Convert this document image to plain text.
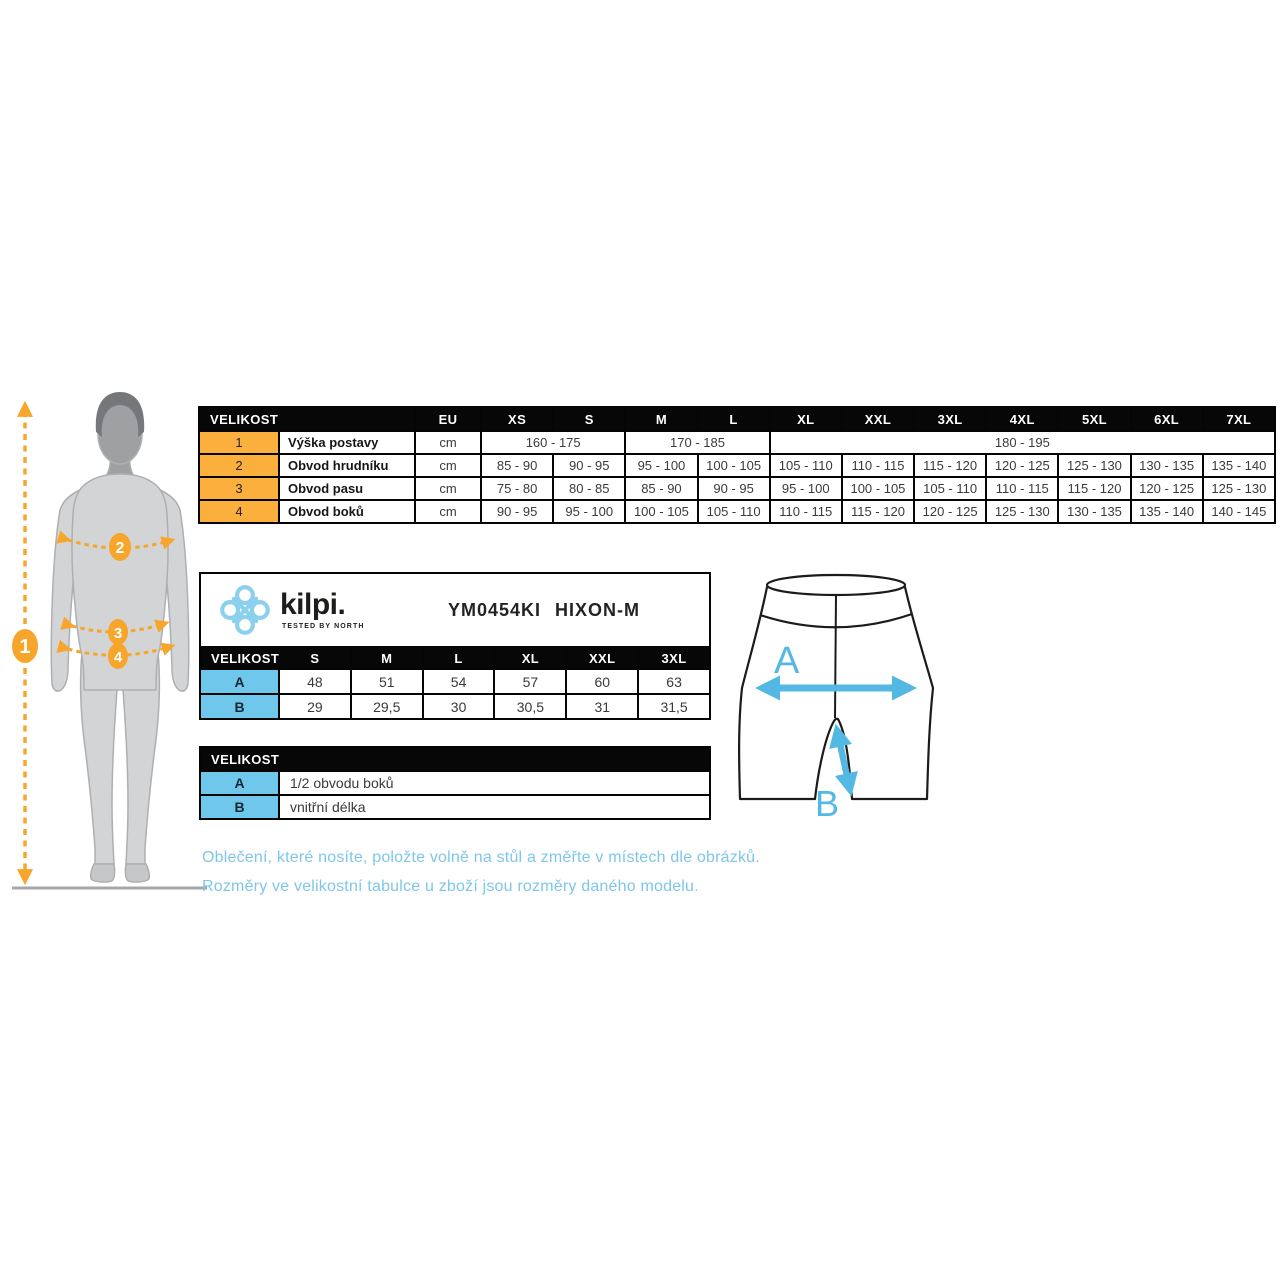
1
2
3
4
VELIKOST		EU	XS	S	M	L	XL	XXL	3XL	4XL	5XL	6XL	7XL
1	Výška postavy	cm	160 - 175		170 - 185		180 - 195						
2	Obvod hrudníku	cm	85 - 90	90 - 95	95 - 100	100 - 105	105 - 110	110 - 115	115 - 120	120 - 125	125 - 130	130 - 135	135 - 140
3	Obvod pasu	cm	75 - 80	80 - 85	85 - 90	90 - 95	95 - 100	100 - 105	105 - 110	110 - 115	115 - 120	120 - 125	125 - 130
4	Obvod boků	cm	90 - 95	95 - 100	100 - 105	105 - 110	110 - 115	115 - 120	120 - 125	125 - 130	130 - 135	135 - 140	140 - 145
kilpi.
TESTED BY NORTH
YM0454KI HIXON-M
VELIKOST	S	M	L	XL	XXL	3XL
A	48	51	54	57	60	63
B	29	29,5	30	30,5	31	31,5
VELIKOST	
A	1/2 obvodu boků
B	vnitřní délka
A
B
Oblečení, které nosíte, položte volně na stůl a změřte v místech dle obrázků.
Rozměry ve velikostní tabulce u zboží jsou rozměry daného modelu.
